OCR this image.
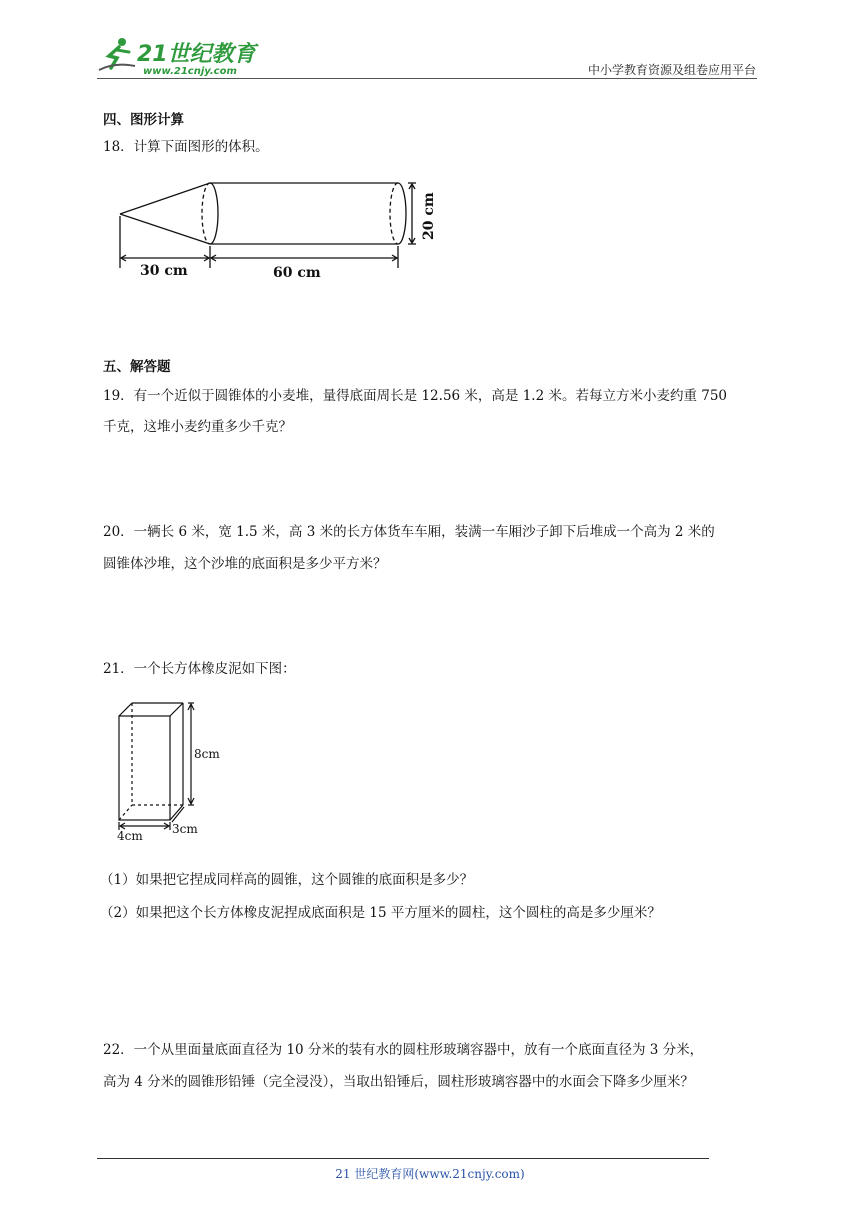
21世纪教育
www.21cnjy.com	中小学教育资源及组卷应用平台
四、图形计算
18．计算下面图形的体积。
30 cm	60 cm
20 cm
五、解答题
19．有一个近似于圆锥体的小麦堆，量得底面周长是 12.56 米，高是 1.2 米。若每立方米小麦约重 750
千克，这堆小麦约重多少千克？
20．一辆长 6 米，宽 1.5 米，高 3 米的长方体货车车厢，装满一车厢沙子卸下后堆成一个高为 2 米的
圆锥体沙堆，这个沙堆的底面积是多少平方米？
21．一个长方体橡皮泥如下图：
8cm
4cm 3cm
（1）如果把它捏成同样高的圆锥，这个圆锥的底面积是多少？
（2）如果把这个长方体橡皮泥捏成底面积是 15 平方厘米的圆柱，这个圆柱的高是多少厘米？
22．一个从里面量底面直径为 10 分米的装有水的圆柱形玻璃容器中，放有一个底面直径为 3 分米，
高为 4 分米的圆锥形铅锤（完全浸没），当取出铅锤后，圆柱形玻璃容器中的水面会下降多少厘米？
21 世纪教育网(www.21cnjy.com)
